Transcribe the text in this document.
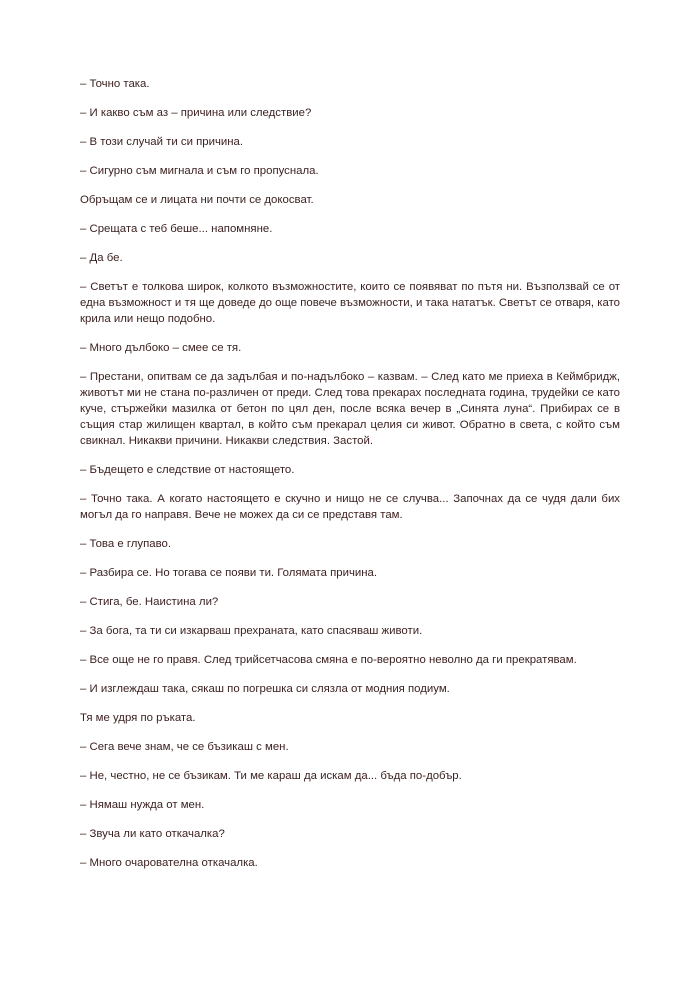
– Точно така.

– И какво съм аз – причина или следствие?

– В този случай ти си причина.

– Сигурно съм мигнала и съм го пропуснала.

Обръщам се и лицата ни почти се докосват.

– Срещата с теб беше... напомняне.

– Да бе.

– Светът е толкова широк, колкото възможностите, които се появяват по пътя ни. Възползвай се от една възможност и тя ще доведе до още повече възможности, и така нататък. Светът се отваря, като крила или нещо подобно.

– Много дълбоко – смее се тя.

– Престани, опитвам се да задълбая и по-надълбоко – казвам. – След като ме приеха в Кеймбридж, животът ми не стана по-различен от преди. След това прекарах последната година, трудейки се като куче, стържейки мазилка от бетон по цял ден, после всяка вечер в „Синята луна“. Прибирах се в същия стар жилищен квартал, в който съм прекарал целия си живот. Обратно в света, с който съм свикнал. Никакви причини. Никакви следствия. Застой.

– Бъдещето е следствие от настоящето.

– Точно така. А когато настоящето е скучно и нищо не се случва... Започнах да се чудя дали бих могъл да го направя. Вече не можех да си се представя там.

– Това е глупаво.

– Разбира се. Но тогава се появи ти. Голямата причина.

– Стига, бе. Наистина ли?

– За бога, та ти си изкарваш прехраната, като спасяваш животи.

– Все още не го правя. След трийсетчасова смяна е по-вероятно неволно да ги прекратявам.

– И изглеждаш така, сякаш по погрешка си слязла от модния подиум.

Тя ме удря по ръката.

– Сега вече знам, че се бъзикаш с мен.

– Не, честно, не се бъзикам. Ти ме караш да искам да... бъда по-добър.

– Нямаш нужда от мен.

– Звуча ли като откачалка?

– Много очарователна откачалка.
